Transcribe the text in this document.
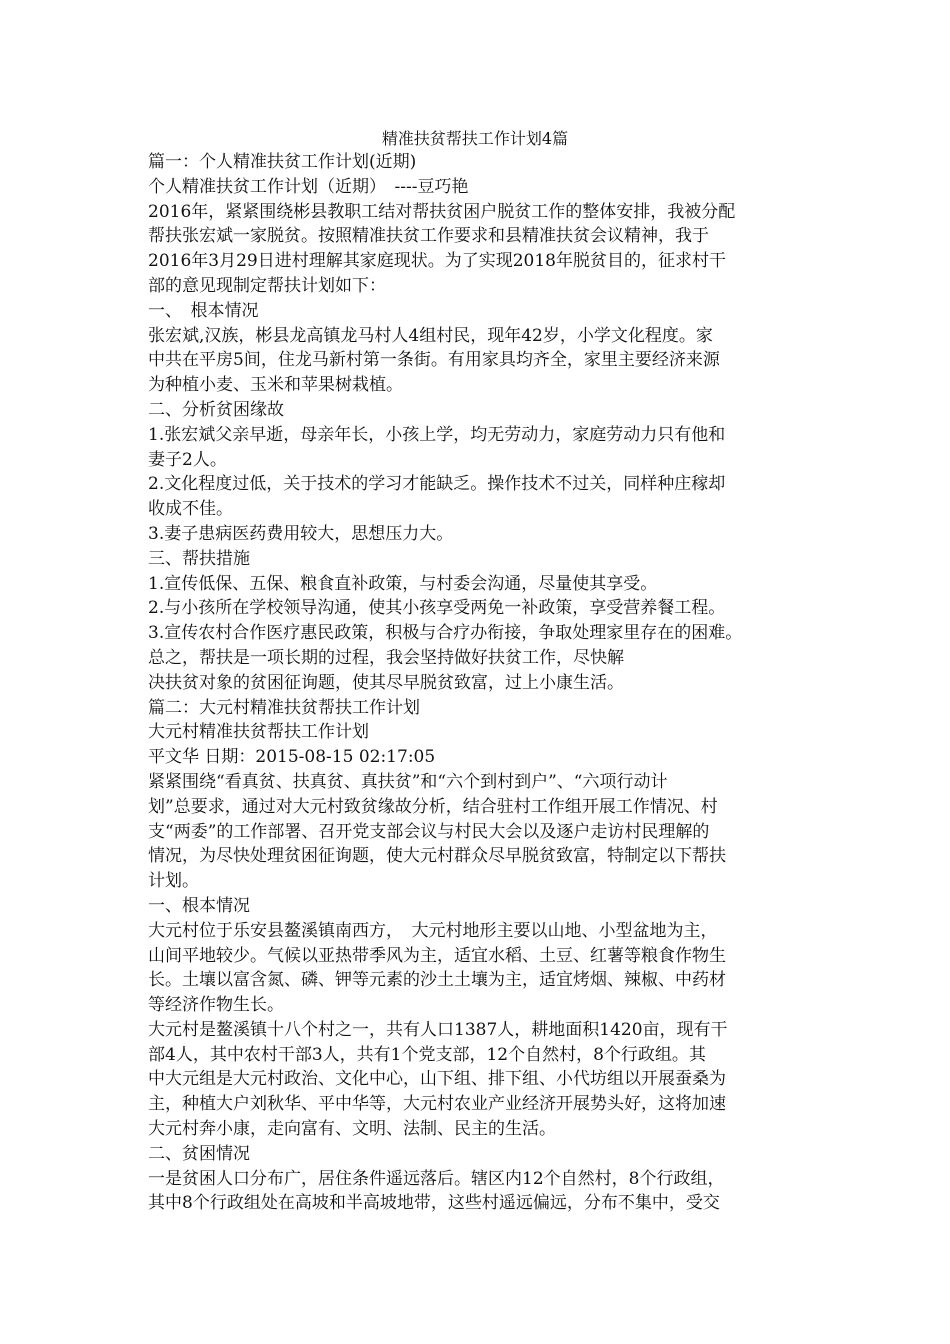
精准扶贫帮扶工作计划4篇

篇一：个人精准扶贫工作计划(近期)

个人精准扶贫工作计划（近期）　----豆巧艳

2016年，紧紧围绕彬县教职工结对帮扶贫困户脱贫工作的整体安排，我被分配

帮扶张宏斌一家脱贫。按照精准扶贫工作要求和县精准扶贫会议精神，我于

2016年3月29日进村理解其家庭现状。为了实现2018年脱贫目的，征求村干

部的意见现制定帮扶计划如下：

一、　根本情况

张宏斌,汉族，彬县龙高镇龙马村人4组村民，现年42岁，小学文化程度。家

中共在平房5间，住龙马新村第一条街。有用家具均齐全，家里主要经济来源

为种植小麦、玉米和苹果树栽植。

二、分析贫困缘故

1.张宏斌父亲早逝，母亲年长，小孩上学，均无劳动力，家庭劳动力只有他和

妻子2人。

2.文化程度过低，关于技术的学习才能缺乏。操作技术不过关，同样种庄稼却

收成不佳。

3.妻子患病医药费用较大，思想压力大。

三、帮扶措施

1.宣传低保、五保、粮食直补政策，与村委会沟通，尽量使其享受。

2.与小孩所在学校领导沟通，使其小孩享受两免一补政策，享受营养餐工程。

3.宣传农村合作医疗惠民政策，积极与合疗办衔接，争取处理家里存在的困难。

总之，帮扶是一项长期的过程，我会坚持做好扶贫工作，尽快解

决扶贫对象的贫困征询题，使其尽早脱贫致富，过上小康生活。

篇二：大元村精准扶贫帮扶工作计划

大元村精准扶贫帮扶工作计划

平文华 日期：2015-08-15 02:17:05

紧紧围绕“看真贫、扶真贫、真扶贫”和“六个到村到户”、“六项行动计

划”总要求，通过对大元村致贫缘故分析，结合驻村工作组开展工作情况、村

支“两委”的工作部署、召开党支部会议与村民大会以及逐户走访村民理解的

情况，为尽快处理贫困征询题，使大元村群众尽早脱贫致富，特制定以下帮扶

计划。

一、根本情况

大元村位于乐安县鳌溪镇南西方，　大元村地形主要以山地、小型盆地为主，

山间平地较少。气候以亚热带季风为主，适宜水稻、土豆、红薯等粮食作物生

长。土壤以富含氮、磷、钾等元素的沙土土壤为主，适宜烤烟、辣椒、中药材

等经济作物生长。

大元村是鳌溪镇十八个村之一，共有人口1387人，耕地面积1420亩，现有干

部4人，其中农村干部3人，共有1个党支部，12个自然村，8个行政组。其

中大元组是大元村政治、文化中心，山下组、排下组、小代坊组以开展蚕桑为

主，种植大户刘秋华、平中华等，大元村农业产业经济开展势头好，这将加速

大元村奔小康，走向富有、文明、法制、民主的生活。

二、贫困情况

一是贫困人口分布广，居住条件遥远落后。辖区内12个自然村，8个行政组，

其中8个行政组处在高坡和半高坡地带，这些村遥远偏远，分布不集中，受交
